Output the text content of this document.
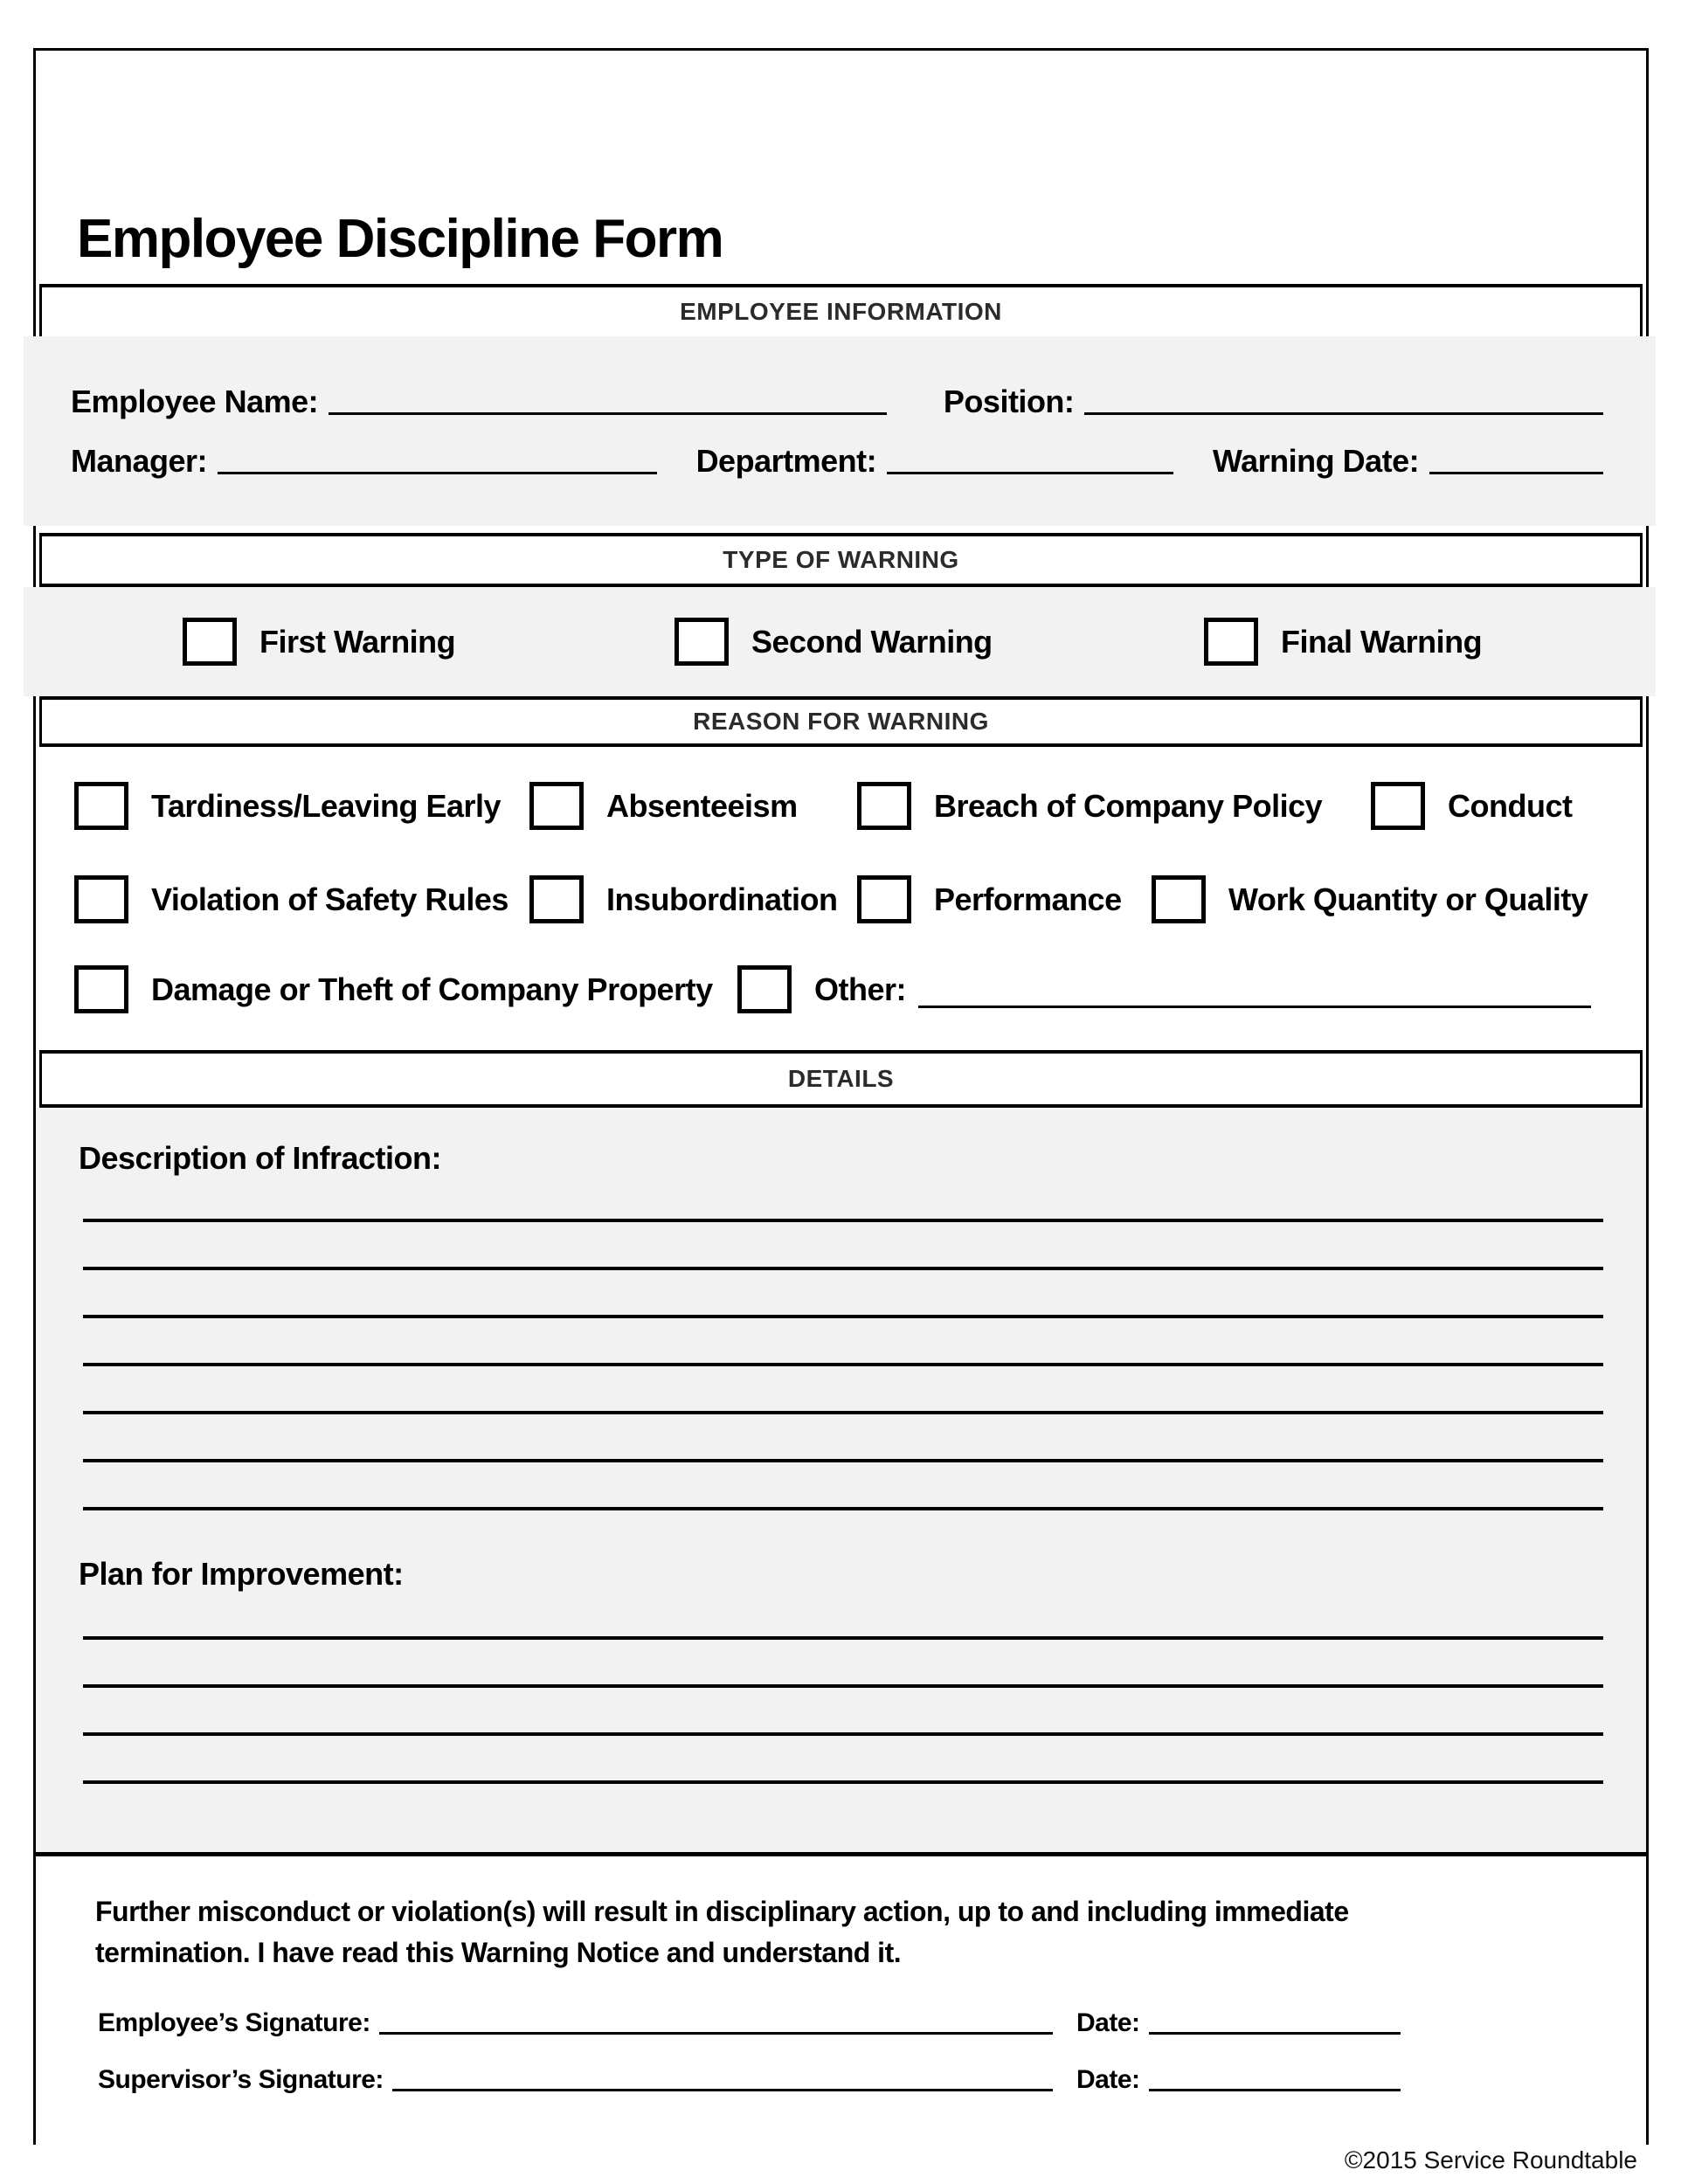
Employee Discipline Form
EMPLOYEE INFORMATION
Employee Name:	Position:
Manager:	Department:	Warning Date:
TYPE OF WARNING
First Warning	Second Warning	Final Warning
REASON FOR WARNING
Tardiness/Leaving Early	Absenteeism	Breach of Company Policy	Conduct
Violation of Safety Rules	Insubordination	Performance	Work Quantity or Quality
Damage or Theft of Company Property	Other:
DETAILS
Description of Infraction:
Plan for Improvement:
Further misconduct or violation(s) will result in disciplinary action, up to and including immediate
termination. I have read this Warning Notice and understand it.
Employee’s Signature:	Date:
Supervisor’s Signature:	Date:
©2015 Service Roundtable
